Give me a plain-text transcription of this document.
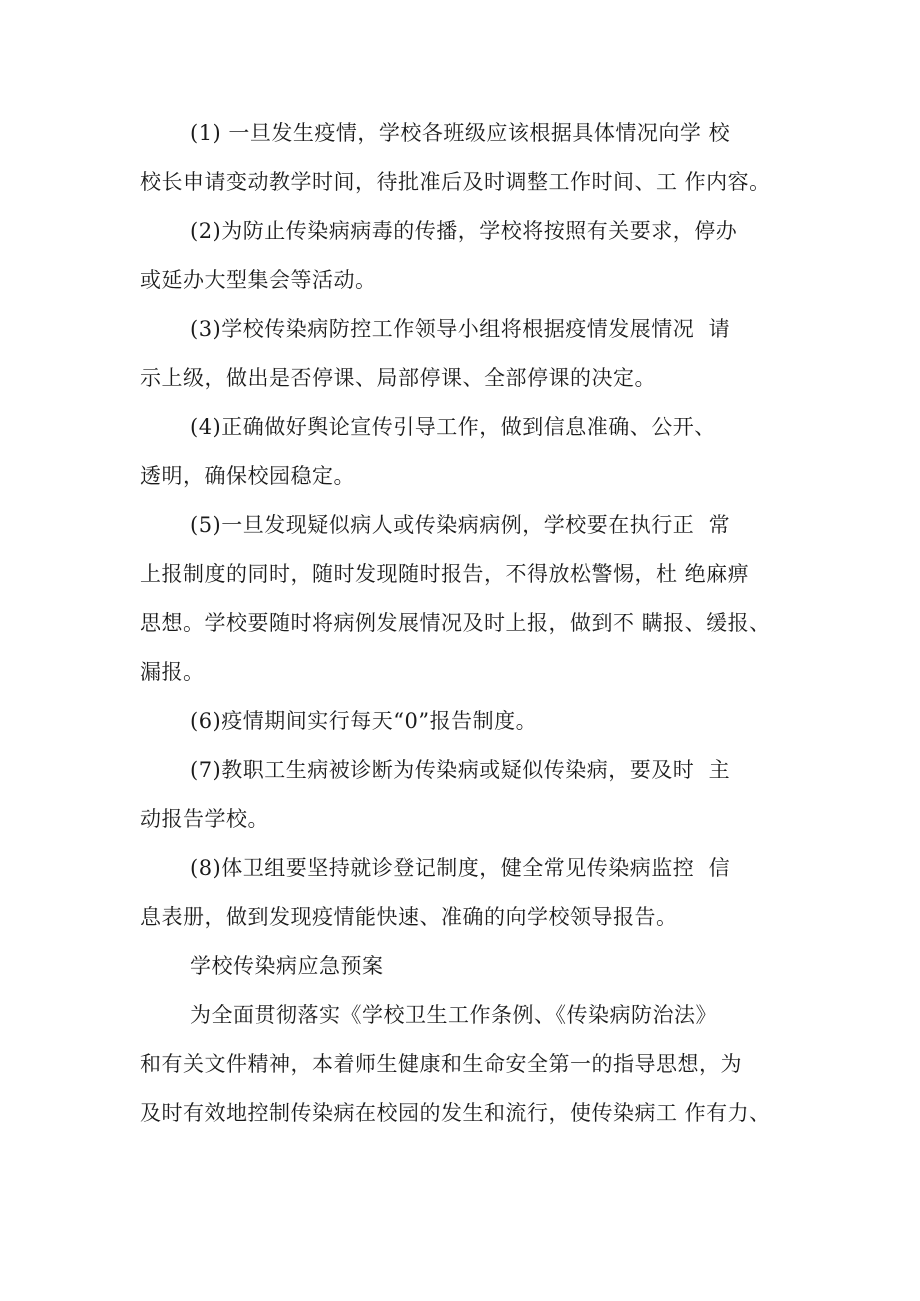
(1) 一旦发生疫情，学校各班级应该根据具体情况向学 校
校长申请变动教学时间，待批准后及时调整工作时间、工 作内容。
(2)为防止传染病病毒的传播，学校将按照有关要求，停办
或延办大型集会等活动。
(3)学校传染病防控工作领导小组将根据疫情发展情况  请
示上级，做出是否停课、局部停课、全部停课的决定。
(4)正确做好舆论宣传引导工作，做到信息准确、公开、
透明，确保校园稳定。
(5)一旦发现疑似病人或传染病病例，学校要在执行正  常
上报制度的同时，随时发现随时报告，不得放松警惕，杜 绝麻痹
思想。学校要随时将病例发展情况及时上报，做到不 瞒报、缓报、
漏报。
(6)疫情期间实行每天“0”报告制度。
(7)教职工生病被诊断为传染病或疑似传染病，要及时  主
动报告学校。
(8)体卫组要坚持就诊登记制度，健全常见传染病监控  信
息表册，做到发现疫情能快速、准确的向学校领导报告。
学校传染病应急预案
为全面贯彻落实《学校卫生工作条例、《传染病防治法》
和有关文件精神，本着师生健康和生命安全第一的指导思想，为
及时有效地控制传染病在校园的发生和流行，使传染病工 作有力、
